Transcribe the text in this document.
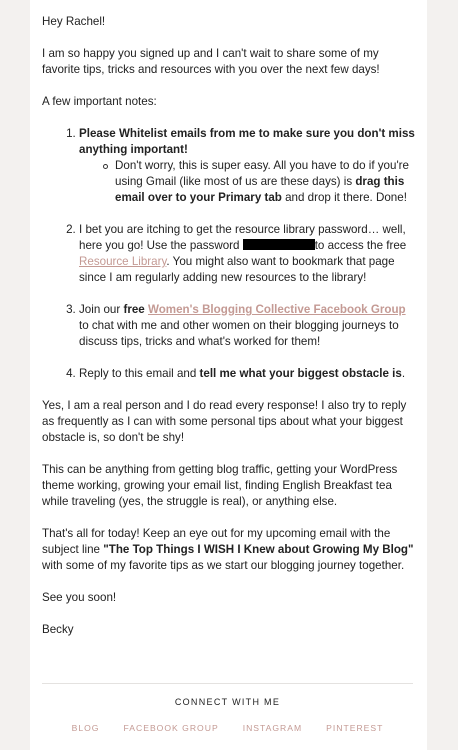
Hey Rachel!

I am so happy you signed up and I can't wait to share some of my favorite tips, tricks and resources with you over the next few days!

A few important notes:

1. Please Whitelist emails from me to make sure you don't miss anything important!
Don't worry, this is super easy. All you have to do if you're using Gmail (like most of us are these days) is drag this email over to your Primary tab and drop it there. Done!
2. I bet you are itching to get the resource library password… well, here you go! Use the password	to access the free Resource Library. You might also want to bookmark that page since I am regularly adding new resources to the library!
3. Join our free Women's Blogging Collective Facebook Group to chat with me and other women on their blogging journeys to discuss tips, tricks and what's worked for them!
4. Reply to this email and tell me what your biggest obstacle is.

Yes, I am a real person and I do read every response! I also try to reply as frequently as I can with some personal tips about what your biggest obstacle is, so don't be shy!

This can be anything from getting blog traffic, getting your WordPress theme working, growing your email list, finding English Breakfast tea while traveling (yes, the struggle is real), or anything else.

That's all for today! Keep an eye out for my upcoming email with the subject line "The Top Things I WISH I Knew about Growing My Blog" with some of my favorite tips as we start our blogging journey together.

See you soon!

Becky

CONNECT WITH ME
BLOG	FACEBOOK GROUP	INSTAGRAM	PINTEREST
